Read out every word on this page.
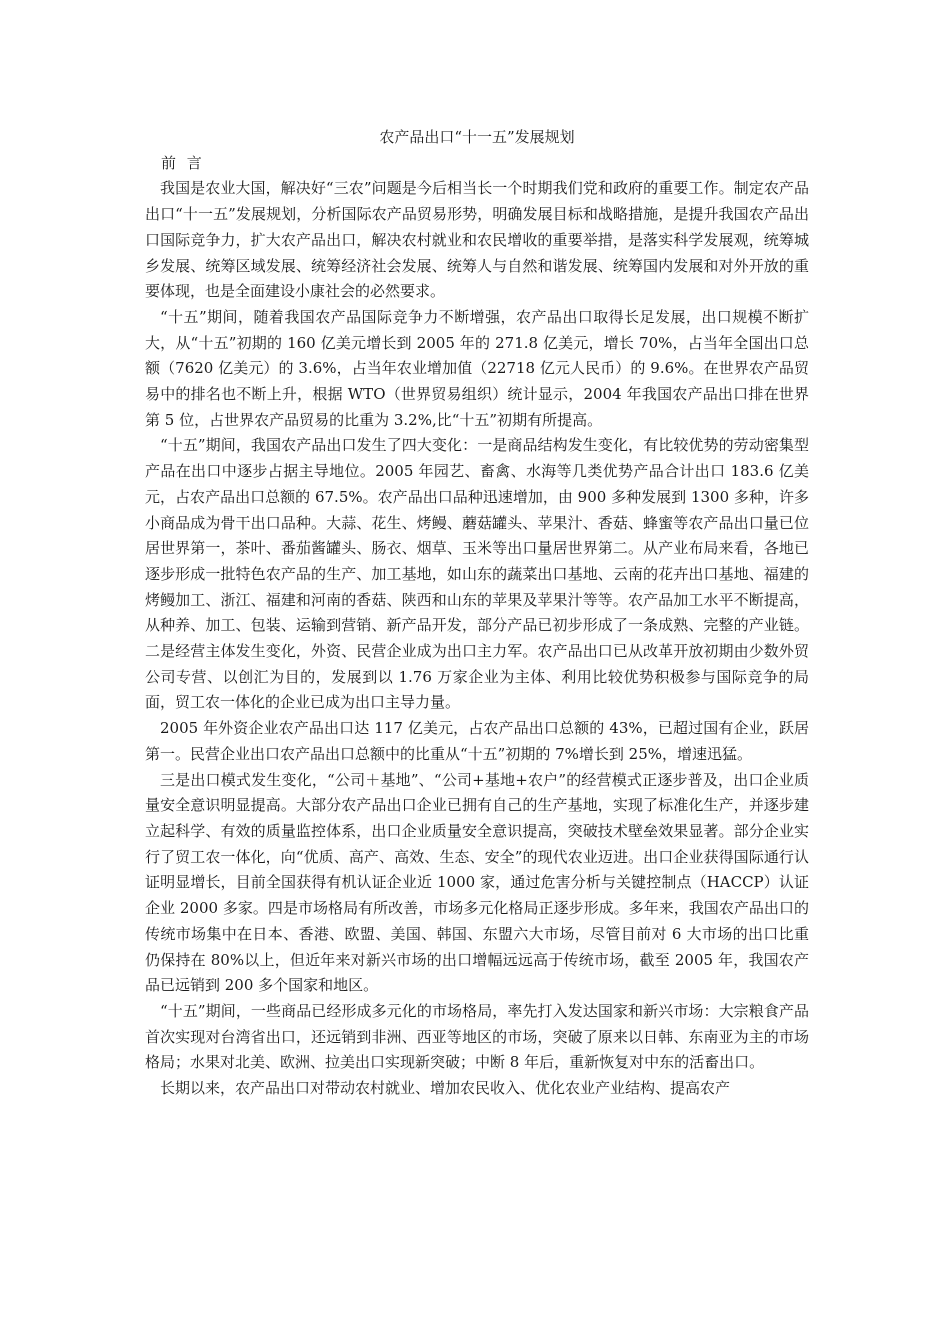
农产品出口“十一五”发展规划

前 言

我国是农业大国，解决好“三农”问题是今后相当长一个时期我们党和政府的重要工作。制定农产品出口“十一五”发展规划，分析国际农产品贸易形势，明确发展目标和战略措施，是提升我国农产品出口国际竞争力，扩大农产品出口，解决农村就业和农民增收的重要举措，是落实科学发展观，统筹城乡发展、统筹区域发展、统筹经济社会发展、统筹人与自然和谐发展、统筹国内发展和对外开放的重要体现，也是全面建设小康社会的必然要求。

“十五”期间，随着我国农产品国际竞争力不断增强，农产品出口取得长足发展，出口规模不断扩大，从“十五”初期的 160 亿美元增长到 2005 年的 271.8 亿美元，增长 70%，占当年全国出口总额（7620 亿美元）的 3.6%，占当年农业增加值（22718 亿元人民币）的 9.6%。在世界农产品贸易中的排名也不断上升，根据 WTO（世界贸易组织）统计显示，2004 年我国农产品出口排在世界第 5 位，占世界农产品贸易的比重为 3.2%,比“十五”初期有所提高。

“十五”期间，我国农产品出口发生了四大变化：一是商品结构发生变化，有比较优势的劳动密集型产品在出口中逐步占据主导地位。2005 年园艺、畜禽、水海等几类优势产品合计出口 183.6 亿美元，占农产品出口总额的 67.5%。农产品出口品种迅速增加，由 900 多种发展到 1300 多种，许多小商品成为骨干出口品种。大蒜、花生、烤鳗、蘑菇罐头、苹果汁、香菇、蜂蜜等农产品出口量已位居世界第一，茶叶、番茄酱罐头、肠衣、烟草、玉米等出口量居世界第二。从产业布局来看，各地已逐步形成一批特色农产品的生产、加工基地，如山东的蔬菜出口基地、云南的花卉出口基地、福建的烤鳗加工、浙江、福建和河南的香菇、陕西和山东的苹果及苹果汁等等。农产品加工水平不断提高，从种养、加工、包装、运输到营销、新产品开发，部分产品已初步形成了一条成熟、完整的产业链。二是经营主体发生变化，外资、民营企业成为出口主力军。农产品出口已从改革开放初期由少数外贸公司专营、以创汇为目的，发展到以 1.76 万家企业为主体、利用比较优势积极参与国际竞争的局面，贸工农一体化的企业已成为出口主导力量。

2005 年外资企业农产品出口达 117 亿美元，占农产品出口总额的 43%，已超过国有企业，跃居第一。民营企业出口农产品出口总额中的比重从“十五”初期的 7%增长到 25%，增速迅猛。

三是出口模式发生变化，“公司＋基地”、“公司+基地+农户”的经营模式正逐步普及，出口企业质量安全意识明显提高。大部分农产品出口企业已拥有自己的生产基地，实现了标准化生产，并逐步建立起科学、有效的质量监控体系，出口企业质量安全意识提高，突破技术壁垒效果显著。部分企业实行了贸工农一体化，向“优质、高产、高效、生态、安全”的现代农业迈进。出口企业获得国际通行认证明显增长，目前全国获得有机认证企业近 1000 家，通过危害分析与关键控制点（HACCP）认证企业 2000 多家。四是市场格局有所改善，市场多元化格局正逐步形成。多年来，我国农产品出口的传统市场集中在日本、香港、欧盟、美国、韩国、东盟六大市场，尽管目前对 6 大市场的出口比重仍保持在 80%以上，但近年来对新兴市场的出口增幅远远高于传统市场，截至 2005 年，我国农产品已远销到 200 多个国家和地区。

“十五”期间，一些商品已经形成多元化的市场格局，率先打入发达国家和新兴市场：大宗粮食产品首次实现对台湾省出口，还远销到非洲、西亚等地区的市场，突破了原来以日韩、东南亚为主的市场格局；水果对北美、欧洲、拉美出口实现新突破；中断 8 年后，重新恢复对中东的活畜出口。

长期以来，农产品出口对带动农村就业、增加农民收入、优化农业产业结构、提高农产
